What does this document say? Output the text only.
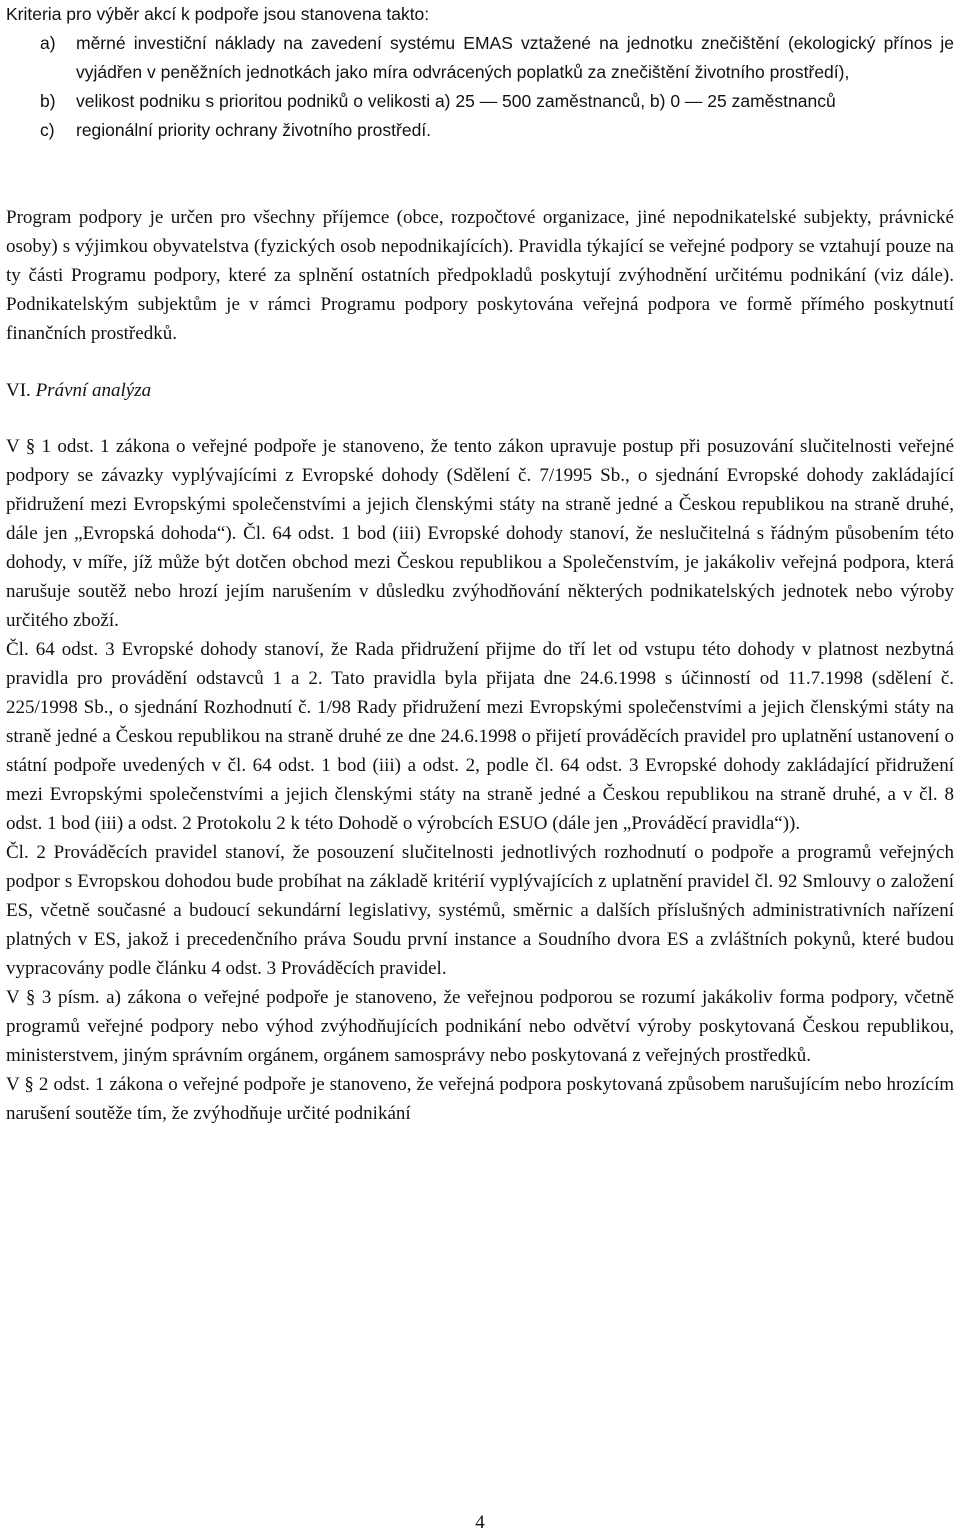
Kriteria pro výběr akcí k podpoře jsou stanovena takto:

a)	měrné investiční náklady na zavedení systému EMAS vztažené na jednotku znečištění (ekologický přínos je vyjádřen v peněžních jednotkách jako míra odvrácených poplatků za znečištění životního prostředí),
b)	velikost podniku s prioritou podniků o velikosti a) 25 — 500 zaměstnanců, b) 0 — 25 zaměstnanců
c)	regionální priority ochrany životního prostředí.

Program podpory je určen pro všechny příjemce (obce, rozpočtové organizace, jiné nepodnikatelské subjekty, právnické osoby) s výjimkou obyvatelstva (fyzických osob nepodnikajících). Pravidla týkající se veřejné podpory se vztahují pouze na ty části Programu podpory, které za splnění ostatních předpokladů poskytují zvýhodnění určitému podnikání (viz dále). Podnikatelským subjektům je v rámci Programu podpory poskytována veřejná podpora ve formě přímého poskytnutí finančních prostředků.

VI. Právní analýza

V § 1 odst. 1 zákona o veřejné podpoře je stanoveno, že tento zákon upravuje postup při posuzování slučitelnosti veřejné podpory se závazky vyplývajícími z Evropské dohody (Sdělení č. 7/1995 Sb., o sjednání Evropské dohody zakládající přidružení mezi Evropskými společenstvími a jejich členskými státy na straně jedné a Českou republikou na straně druhé, dále jen „Evropská dohoda“). Čl. 64 odst. 1 bod (iii) Evropské dohody stanoví, že neslučitelná s řádným působením této dohody, v míře, jíž může být dotčen obchod mezi Českou republikou a Společenstvím, je jakákoliv veřejná podpora, která narušuje soutěž nebo hrozí jejím narušením v důsledku zvýhodňování některých podnikatelských jednotek nebo výroby určitého zboží.

Čl. 64 odst. 3 Evropské dohody stanoví, že Rada přidružení přijme do tří let od vstupu této dohody v platnost nezbytná pravidla pro provádění odstavců 1 a 2. Tato pravidla byla přijata dne 24.6.1998 s účinností od 11.7.1998 (sdělení č. 225/1998 Sb., o sjednání Rozhodnutí č. 1/98 Rady přidružení mezi Evropskými společenstvími a jejich členskými státy na straně jedné a Českou republikou na straně druhé ze dne 24.6.1998 o přijetí prováděcích pravidel pro uplatnění ustanovení o státní podpoře uvedených v čl. 64 odst. 1 bod (iii) a odst. 2, podle čl. 64 odst. 3 Evropské dohody zakládající přidružení mezi Evropskými společenstvími a jejich členskými státy na straně jedné a Českou republikou na straně druhé, a v čl. 8 odst. 1 bod (iii) a odst. 2 Protokolu 2 k této Dohodě o výrobcích ESUO (dále jen „Prováděcí pravidla“)).

Čl. 2 Prováděcích pravidel stanoví, že posouzení slučitelnosti jednotlivých rozhodnutí o podpoře a programů veřejných podpor s Evropskou dohodou bude probíhat na základě kritérií vyplývajících z uplatnění pravidel čl. 92 Smlouvy o založení ES, včetně současné a budoucí sekundární legislativy, systémů, směrnic a dalších příslušných administrativních nařízení platných v ES, jakož i precedenčního práva Soudu první instance a Soudního dvora ES a zvláštních pokynů, které budou vypracovány podle článku 4 odst. 3 Prováděcích pravidel.

V § 3 písm. a) zákona o veřejné podpoře je stanoveno, že veřejnou podporou se rozumí jakákoliv forma podpory, včetně programů veřejné podpory nebo výhod zvýhodňujících podnikání nebo odvětví výroby poskytovaná Českou republikou, ministerstvem, jiným správním orgánem, orgánem samosprávy nebo poskytovaná z veřejných prostředků.

V § 2 odst. 1 zákona o veřejné podpoře je stanoveno, že veřejná podpora poskytovaná způsobem narušujícím nebo hrozícím narušení soutěže tím, že zvýhodňuje určité podnikání

4
